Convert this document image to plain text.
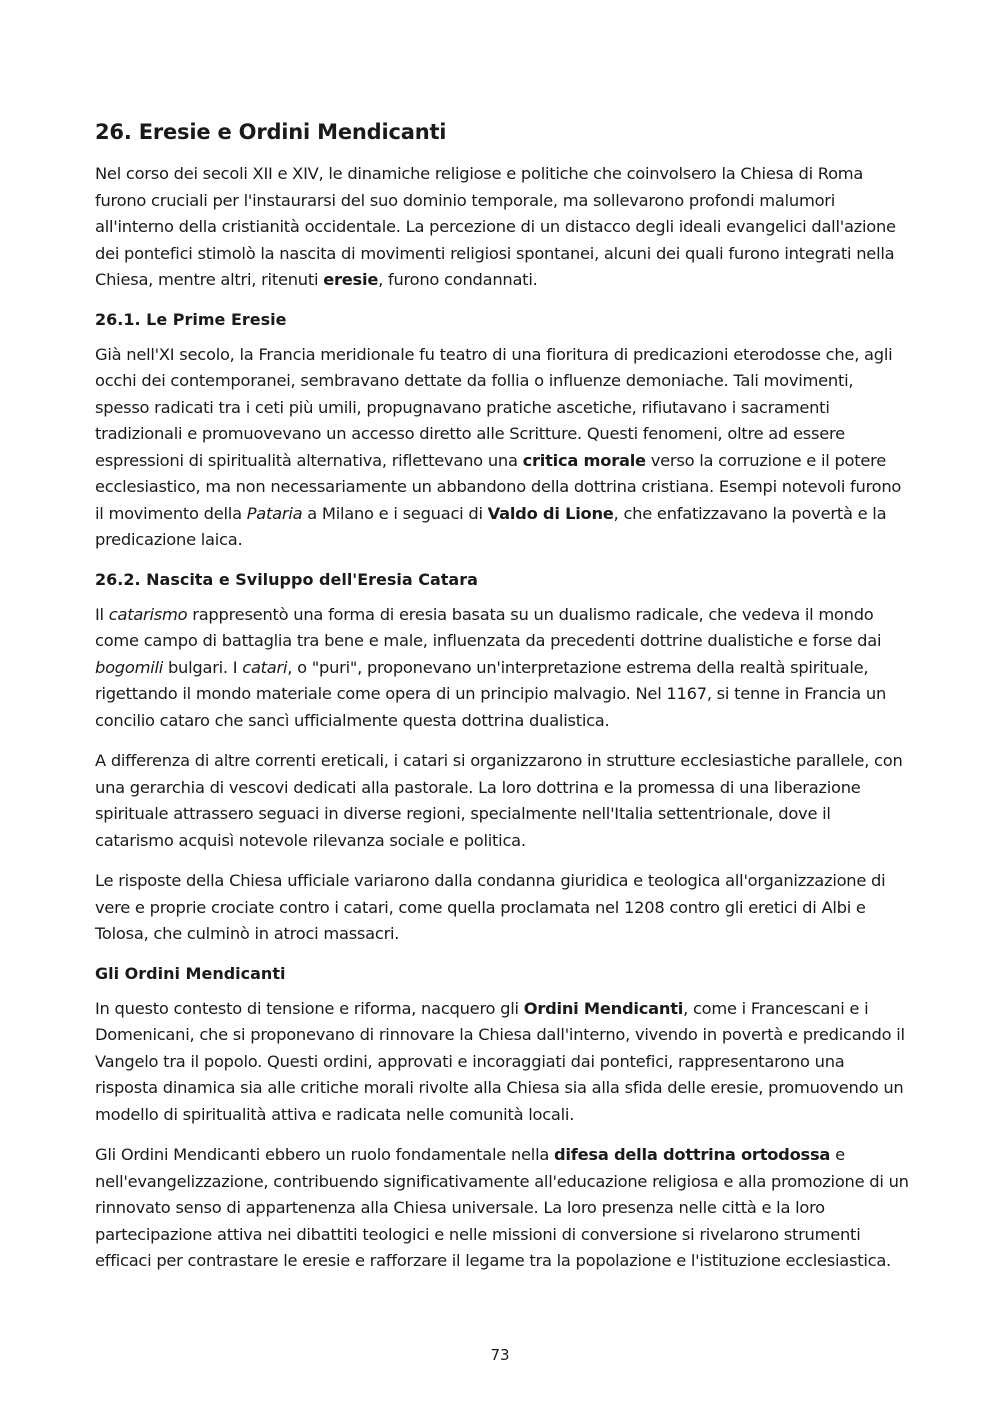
26. Eresie e Ordini Mendicanti

Nel corso dei secoli XII e XIV, le dinamiche religiose e politiche che coinvolsero la Chiesa di Roma furono cruciali per l'instaurarsi del suo dominio temporale, ma sollevarono profondi malumori all'interno della cristianità occidentale. La percezione di un distacco degli ideali evangelici dall'azione dei pontefici stimolò la nascita di movimenti religiosi spontanei, alcuni dei quali furono integrati nella Chiesa, mentre altri, ritenuti eresie, furono condannati.

26.1. Le Prime Eresie

Già nell'XI secolo, la Francia meridionale fu teatro di una fioritura di predicazioni eterodosse che, agli occhi dei contemporanei, sembravano dettate da follia o influenze demoniache. Tali movimenti, spesso radicati tra i ceti più umili, propugnavano pratiche ascetiche, rifiutavano i sacramenti tradizionali e promuovevano un accesso diretto alle Scritture. Questi fenomeni, oltre ad essere espressioni di spiritualità alternativa, riflettevano una critica morale verso la corruzione e il potere ecclesiastico, ma non necessariamente un abbandono della dottrina cristiana. Esempi notevoli furono il movimento della Pataria a Milano e i seguaci di Valdo di Lione, che enfatizzavano la povertà e la predicazione laica.

26.2. Nascita e Sviluppo dell'Eresia Catara

Il catarismo rappresentò una forma di eresia basata su un dualismo radicale, che vedeva il mondo come campo di battaglia tra bene e male, influenzata da precedenti dottrine dualistiche e forse dai bogomili bulgari. I catari, o "puri", proponevano un'interpretazione estrema della realtà spirituale, rigettando il mondo materiale come opera di un principio malvagio. Nel 1167, si tenne in Francia un concilio cataro che sancì ufficialmente questa dottrina dualistica.

A differenza di altre correnti ereticali, i catari si organizzarono in strutture ecclesiastiche parallele, con una gerarchia di vescovi dedicati alla pastorale. La loro dottrina e la promessa di una liberazione spirituale attrassero seguaci in diverse regioni, specialmente nell'Italia settentrionale, dove il catarismo acquisì notevole rilevanza sociale e politica.

Le risposte della Chiesa ufficiale variarono dalla condanna giuridica e teologica all'organizzazione di vere e proprie crociate contro i catari, come quella proclamata nel 1208 contro gli eretici di Albi e Tolosa, che culminò in atroci massacri.

Gli Ordini Mendicanti

In questo contesto di tensione e riforma, nacquero gli Ordini Mendicanti, come i Francescani e i Domenicani, che si proponevano di rinnovare la Chiesa dall'interno, vivendo in povertà e predicando il Vangelo tra il popolo. Questi ordini, approvati e incoraggiati dai pontefici, rappresentarono una risposta dinamica sia alle critiche morali rivolte alla Chiesa sia alla sfida delle eresie, promuovendo un modello di spiritualità attiva e radicata nelle comunità locali.

Gli Ordini Mendicanti ebbero un ruolo fondamentale nella difesa della dottrina ortodossa e nell'evangelizzazione, contribuendo significativamente all'educazione religiosa e alla promozione di un rinnovato senso di appartenenza alla Chiesa universale. La loro presenza nelle città e la loro partecipazione attiva nei dibattiti teologici e nelle missioni di conversione si rivelarono strumenti efficaci per contrastare le eresie e rafforzare il legame tra la popolazione e l'istituzione ecclesiastica.

73
